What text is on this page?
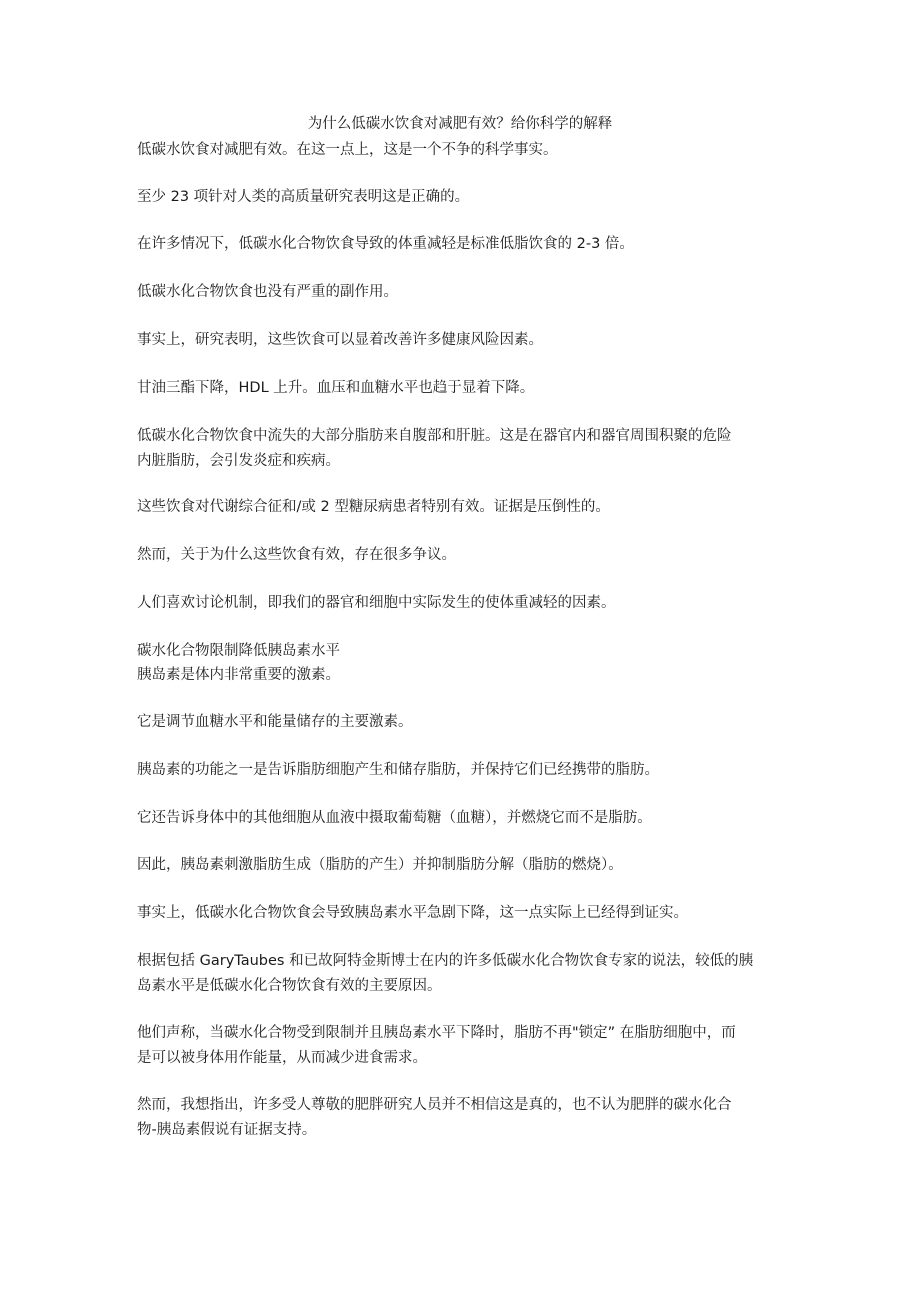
为什么低碳水饮食对减肥有效？给你科学的解释

低碳水饮食对减肥有效。在这一点上，这是一个不争的科学事实。

至少 23 项针对人类的高质量研究表明这是正确的。

在许多情况下，低碳水化合物饮食导致的体重减轻是标准低脂饮食的 2-3 倍。

低碳水化合物饮食也没有严重的副作用。

事实上，研究表明，这些饮食可以显着改善许多健康风险因素。

甘油三酯下降，HDL 上升。血压和血糖水平也趋于显着下降。

低碳水化合物饮食中流失的大部分脂肪来自腹部和肝脏。这是在器官内和器官周围积聚的危险

内脏脂肪，会引发炎症和疾病。

这些饮食对代谢综合征和/或 2 型糖尿病患者特别有效。证据是压倒性的。

然而，关于为什么这些饮食有效，存在很多争议。

人们喜欢讨论机制，即我们的器官和细胞中实际发生的使体重减轻的因素。

碳水化合物限制降低胰岛素水平

胰岛素是体内非常重要的激素。

它是调节血糖水平和能量储存的主要激素。

胰岛素的功能之一是告诉脂肪细胞产生和储存脂肪，并保持它们已经携带的脂肪。

它还告诉身体中的其他细胞从血液中摄取葡萄糖（血糖），并燃烧它而不是脂肪。

因此，胰岛素刺激脂肪生成（脂肪的产生）并抑制脂肪分解（脂肪的燃烧）。

事实上，低碳水化合物饮食会导致胰岛素水平急剧下降，这一点实际上已经得到证实。

根据包括 GaryTaubes 和已故阿特金斯博士在内的许多低碳水化合物饮食专家的说法，较低的胰

岛素水平是低碳水化合物饮食有效的主要原因。

他们声称，当碳水化合物受到限制并且胰岛素水平下降时，脂肪不再"锁定” 在脂肪细胞中，而

是可以被身体用作能量，从而减少进食需求。

然而，我想指出，许多受人尊敬的肥胖研究人员并不相信这是真的，也不认为肥胖的碳水化合

物-胰岛素假说有证据支持。
